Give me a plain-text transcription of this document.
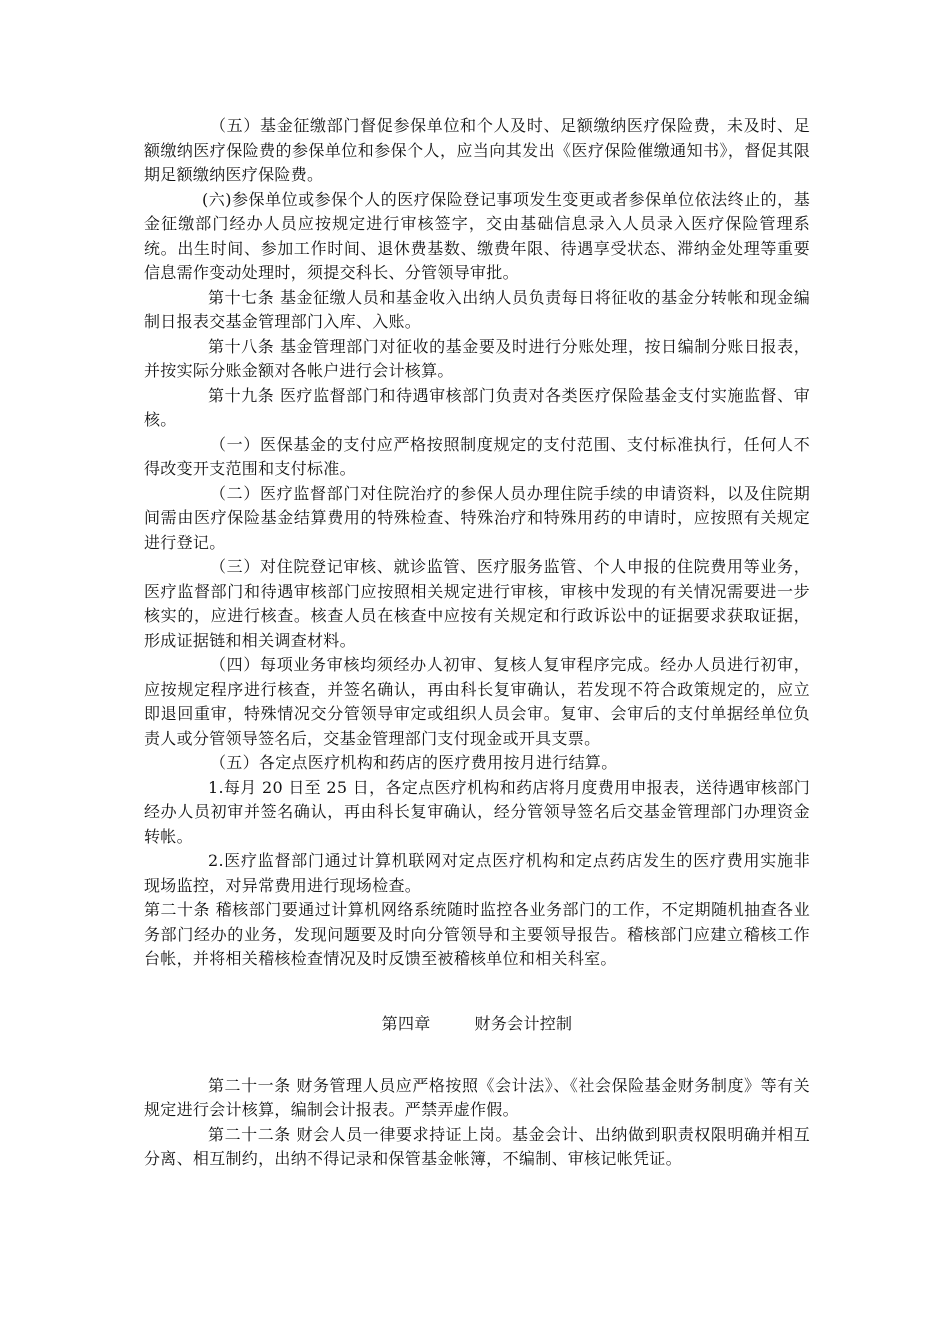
（五）基金征缴部门督促参保单位和个人及时、足额缴纳医疗保险费，未及时、足额缴纳医疗保险费的参保单位和参保个人，应当向其发出《医疗保险催缴通知书》，督促其限期足额缴纳医疗保险费。

(六)参保单位或参保个人的医疗保险登记事项发生变更或者参保单位依法终止的，基金征缴部门经办人员应按规定进行审核签字，交由基础信息录入人员录入医疗保险管理系统。出生时间、参加工作时间、退休费基数、缴费年限、待遇享受状态、滞纳金处理等重要信息需作变动处理时，须提交科长、分管领导审批。

第十七条 基金征缴人员和基金收入出纳人员负责每日将征收的基金分转帐和现金编制日报表交基金管理部门入库、入账。

第十八条 基金管理部门对征收的基金要及时进行分账处理，按日编制分账日报表，并按实际分账金额对各帐户进行会计核算。

第十九条 医疗监督部门和待遇审核部门负责对各类医疗保险基金支付实施监督、审核。

（一）医保基金的支付应严格按照制度规定的支付范围、支付标准执行，任何人不得改变开支范围和支付标准。

（二）医疗监督部门对住院治疗的参保人员办理住院手续的申请资料，以及住院期间需由医疗保险基金结算费用的特殊检查、特殊治疗和特殊用药的申请时，应按照有关规定进行登记。

（三）对住院登记审核、就诊监管、医疗服务监管、个人申报的住院费用等业务，医疗监督部门和待遇审核部门应按照相关规定进行审核，审核中发现的有关情况需要进一步核实的，应进行核查。核查人员在核查中应按有关规定和行政诉讼中的证据要求获取证据，形成证据链和相关调查材料。

（四）每项业务审核均须经办人初审、复核人复审程序完成。经办人员进行初审，应按规定程序进行核查，并签名确认，再由科长复审确认，若发现不符合政策规定的，应立即退回重审，特殊情况交分管领导审定或组织人员会审。复审、会审后的支付单据经单位负责人或分管领导签名后，交基金管理部门支付现金或开具支票。

（五）各定点医疗机构和药店的医疗费用按月进行结算。

1.每月 20 日至 25 日，各定点医疗机构和药店将月度费用申报表，送待遇审核部门经办人员初审并签名确认，再由科长复审确认，经分管领导签名后交基金管理部门办理资金转帐。

2.医疗监督部门通过计算机联网对定点医疗机构和定点药店发生的医疗费用实施非现场监控，对异常费用进行现场检查。

第二十条 稽核部门要通过计算机网络系统随时监控各业务部门的工作，不定期随机抽查各业务部门经办的业务，发现问题要及时向分管领导和主要领导报告。稽核部门应建立稽核工作台帐，并将相关稽核检查情况及时反馈至被稽核单位和相关科室。

第四章	财务会计控制

第二十一条 财务管理人员应严格按照《会计法》、《社会保险基金财务制度》等有关规定进行会计核算，编制会计报表。严禁弄虚作假。

第二十二条 财会人员一律要求持证上岗。基金会计、出纳做到职责权限明确并相互分离、相互制约，出纳不得记录和保管基金帐簿，不编制、审核记帐凭证。
